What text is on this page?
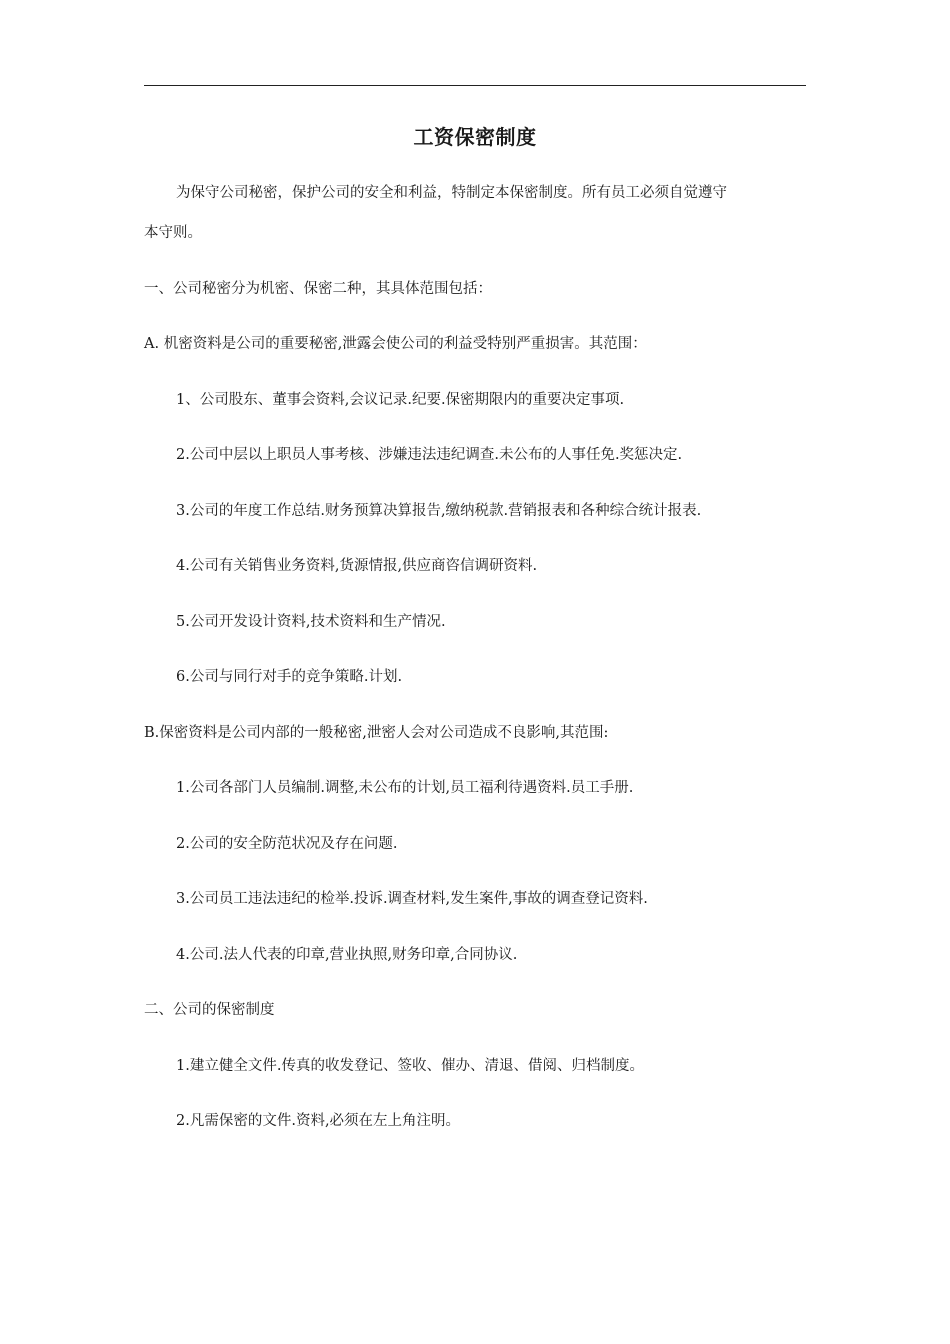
工资保密制度
为保守公司秘密，保护公司的安全和利益，特制定本保密制度。所有员工必须自觉遵守
本守则。
一、公司秘密分为机密、保密二种，其具体范围包括：
A. 机密资料是公司的重要秘密,泄露会使公司的利益受特别严重损害。其范围：
1、公司股东、董事会资料,会议记录.纪要.保密期限内的重要决定事项.
2.公司中层以上职员人事考核、涉嫌违法违纪调查.未公布的人事任免.奖惩决定.
3.公司的年度工作总结.财务预算决算报告,缴纳税款.营销报表和各种综合统计报表.
4.公司有关销售业务资料,货源情报,供应商咨信调研资料.
5.公司开发设计资料,技术资料和生产情况.
6.公司与同行对手的竞争策略.计划.
B.保密资料是公司内部的一般秘密,泄密人会对公司造成不良影响,其范围:
1.公司各部门人员编制.调整,未公布的计划,员工福利待遇资料.员工手册.
2.公司的安全防范状况及存在问题.
3.公司员工违法违纪的检举.投诉.调查材料,发生案件,事故的调查登记资料.
4.公司.法人代表的印章,营业执照,财务印章,合同协议.
二、公司的保密制度
1.建立健全文件.传真的收发登记、签收、催办、清退、借阅、归档制度。
2.凡需保密的文件.资料,必须在左上角注明。
